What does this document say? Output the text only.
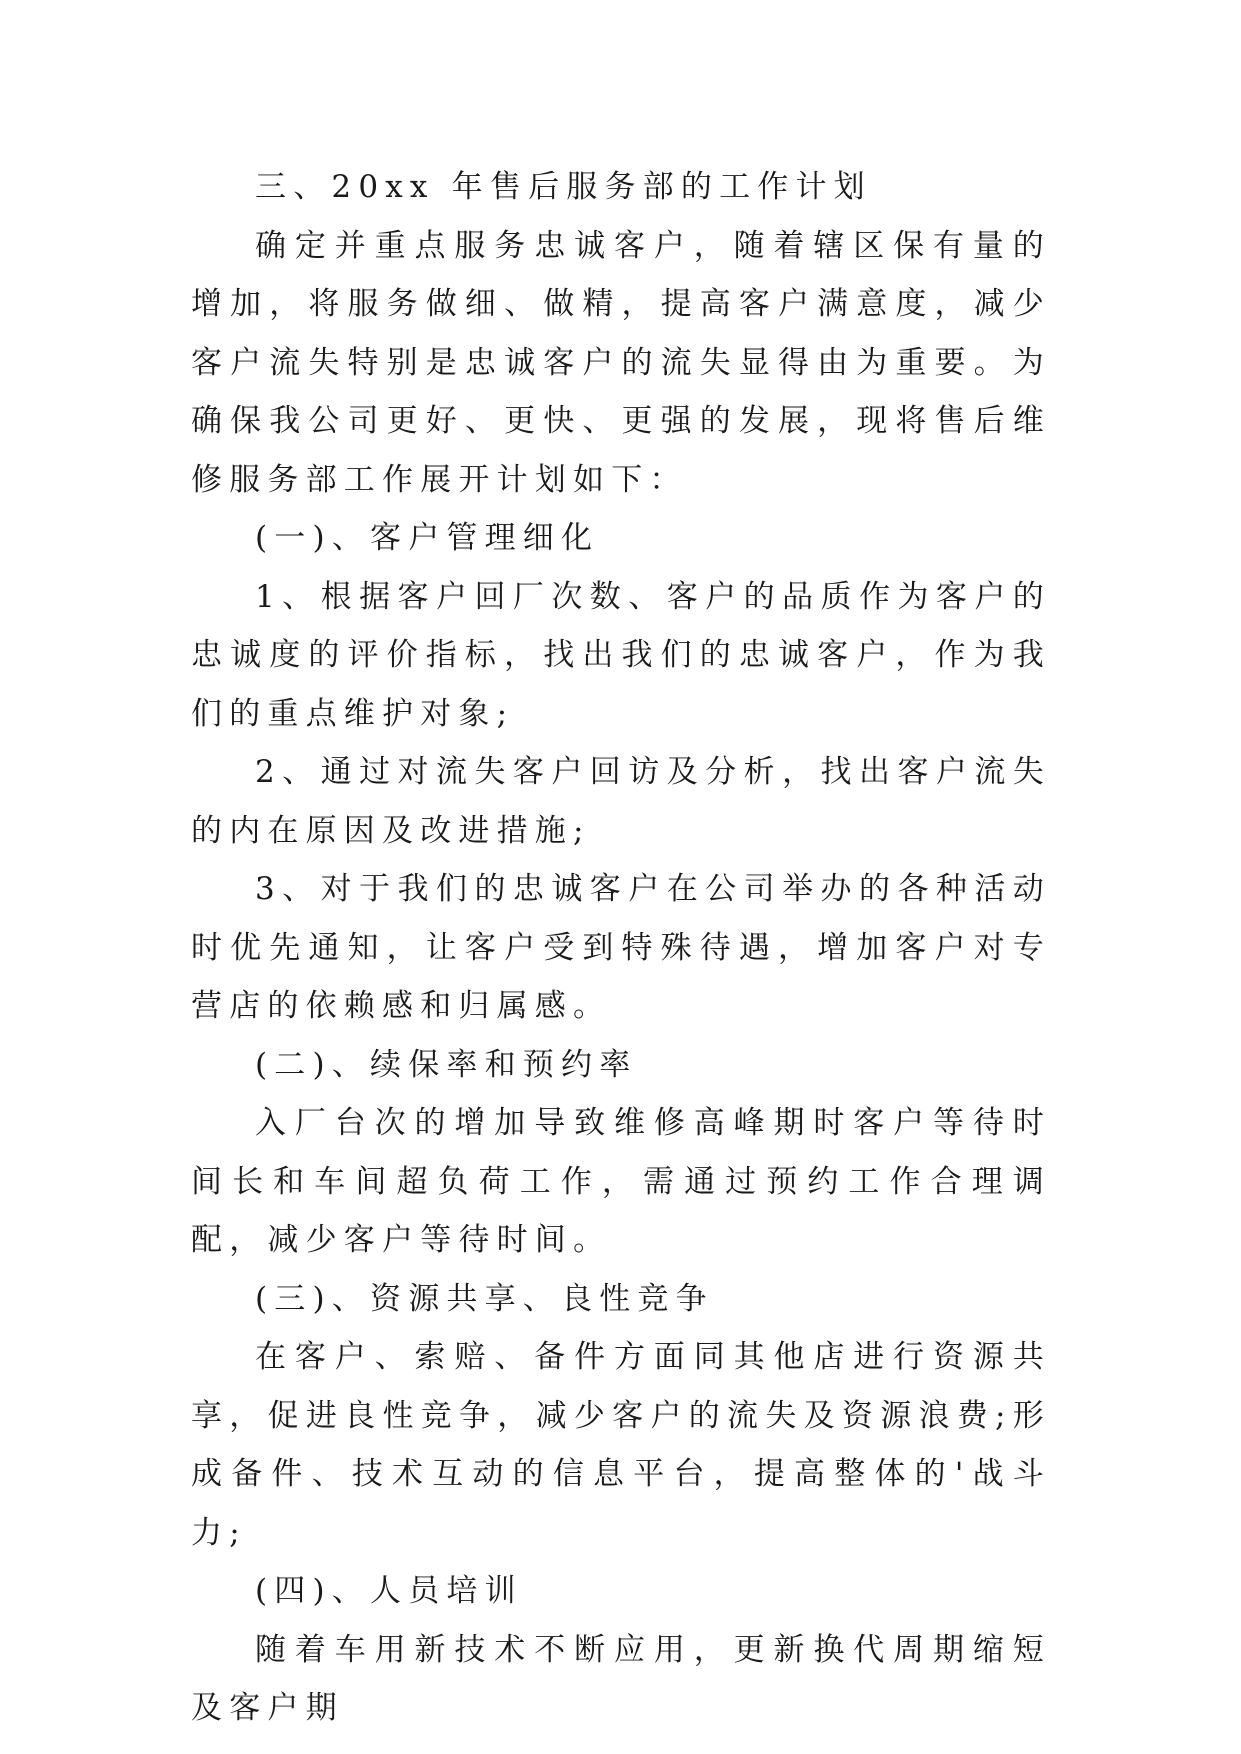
三、20xx 年售后服务部的工作计划

确定并重点服务忠诚客户，随着辖区保有量的增加，将服务做细、做精，提高客户满意度，减少客户流失特别是忠诚客户的流失显得由为重要。为确保我公司更好、更快、更强的发展，现将售后维修服务部工作展开计划如下：

(一)、客户管理细化

1、根据客户回厂次数、客户的品质作为客户的忠诚度的评价指标，找出我们的忠诚客户，作为我们的重点维护对象;

2、通过对流失客户回访及分析，找出客户流失的内在原因及改进措施;

3、对于我们的忠诚客户在公司举办的各种活动时优先通知，让客户受到特殊待遇，增加客户对专营店的依赖感和归属感。

(二)、续保率和预约率

入厂台次的增加导致维修高峰期时客户等待时间长和车间超负荷工作，需通过预约工作合理调配，减少客户等待时间。

(三)、资源共享、良性竞争

在客户、索赔、备件方面同其他店进行资源共享，促进良性竞争，减少客户的流失及资源浪费;形成备件、技术互动的信息平台，提高整体的'战斗力;

(四)、人员培训

随着车用新技术不断应用，更新换代周期缩短及客户期
